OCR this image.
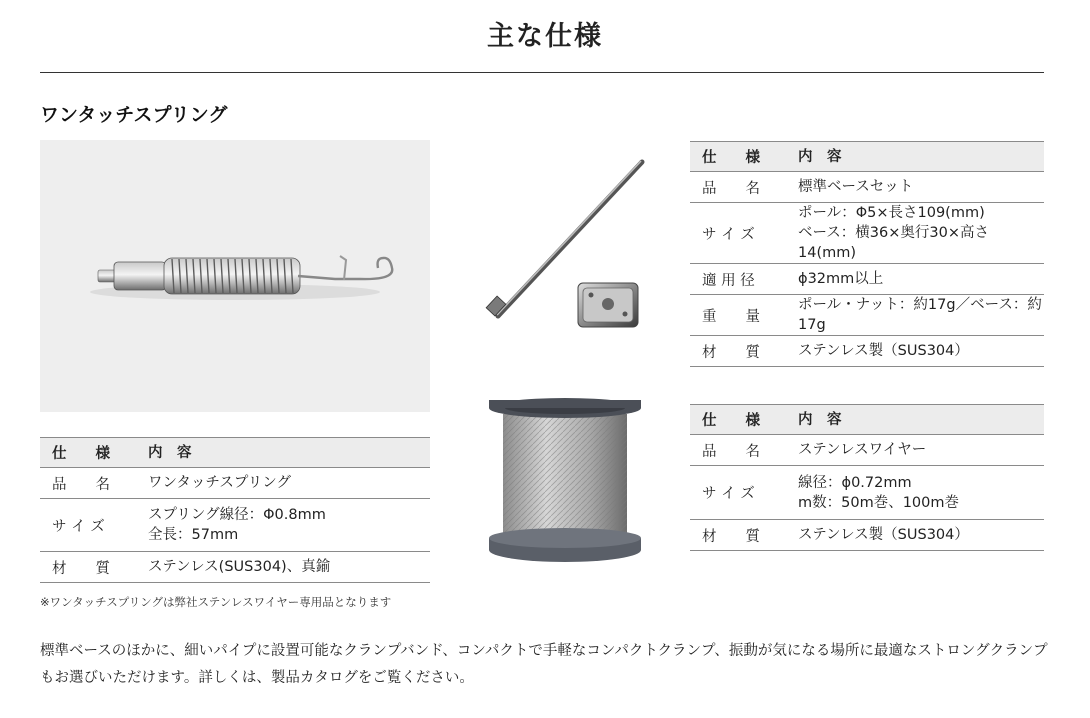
主な仕様
ワンタッチスプリング
仕　　様	内　容
品　　名	ワンタッチスプリング
サ イ ズ	スプリング線径：Φ0.8mm
全長：57mm

材　　質	ステンレス(SUS304)、真鍮
仕　　様	内　容
品　　名	標準ベースセット
サ イ ズ	ポール：Φ5×長さ109(mm)
ベース：横36×奥行30×高さ14(mm)

適 用 径	ϕ32mm以上
重　　量	ポール・ナット：約17g／ベース：約17g
材　　質	ステンレス製（SUS304）
仕　　様	内　容
品　　名	ステンレスワイヤー
サ イ ズ	線径：ϕ0.72mm
m数：50m巻、100m巻

材　　質	ステンレス製（SUS304）
※ワンタッチスプリングは弊社ステンレスワイヤー専用品となります
標準ベースのほかに、細いパイプに設置可能なクランプバンド、コンパクトで手軽なコンパクトクランプ、振動が気になる場所に最適なストロングクランプもお選びいただけます。詳しくは、製品カタログをご覧ください。
